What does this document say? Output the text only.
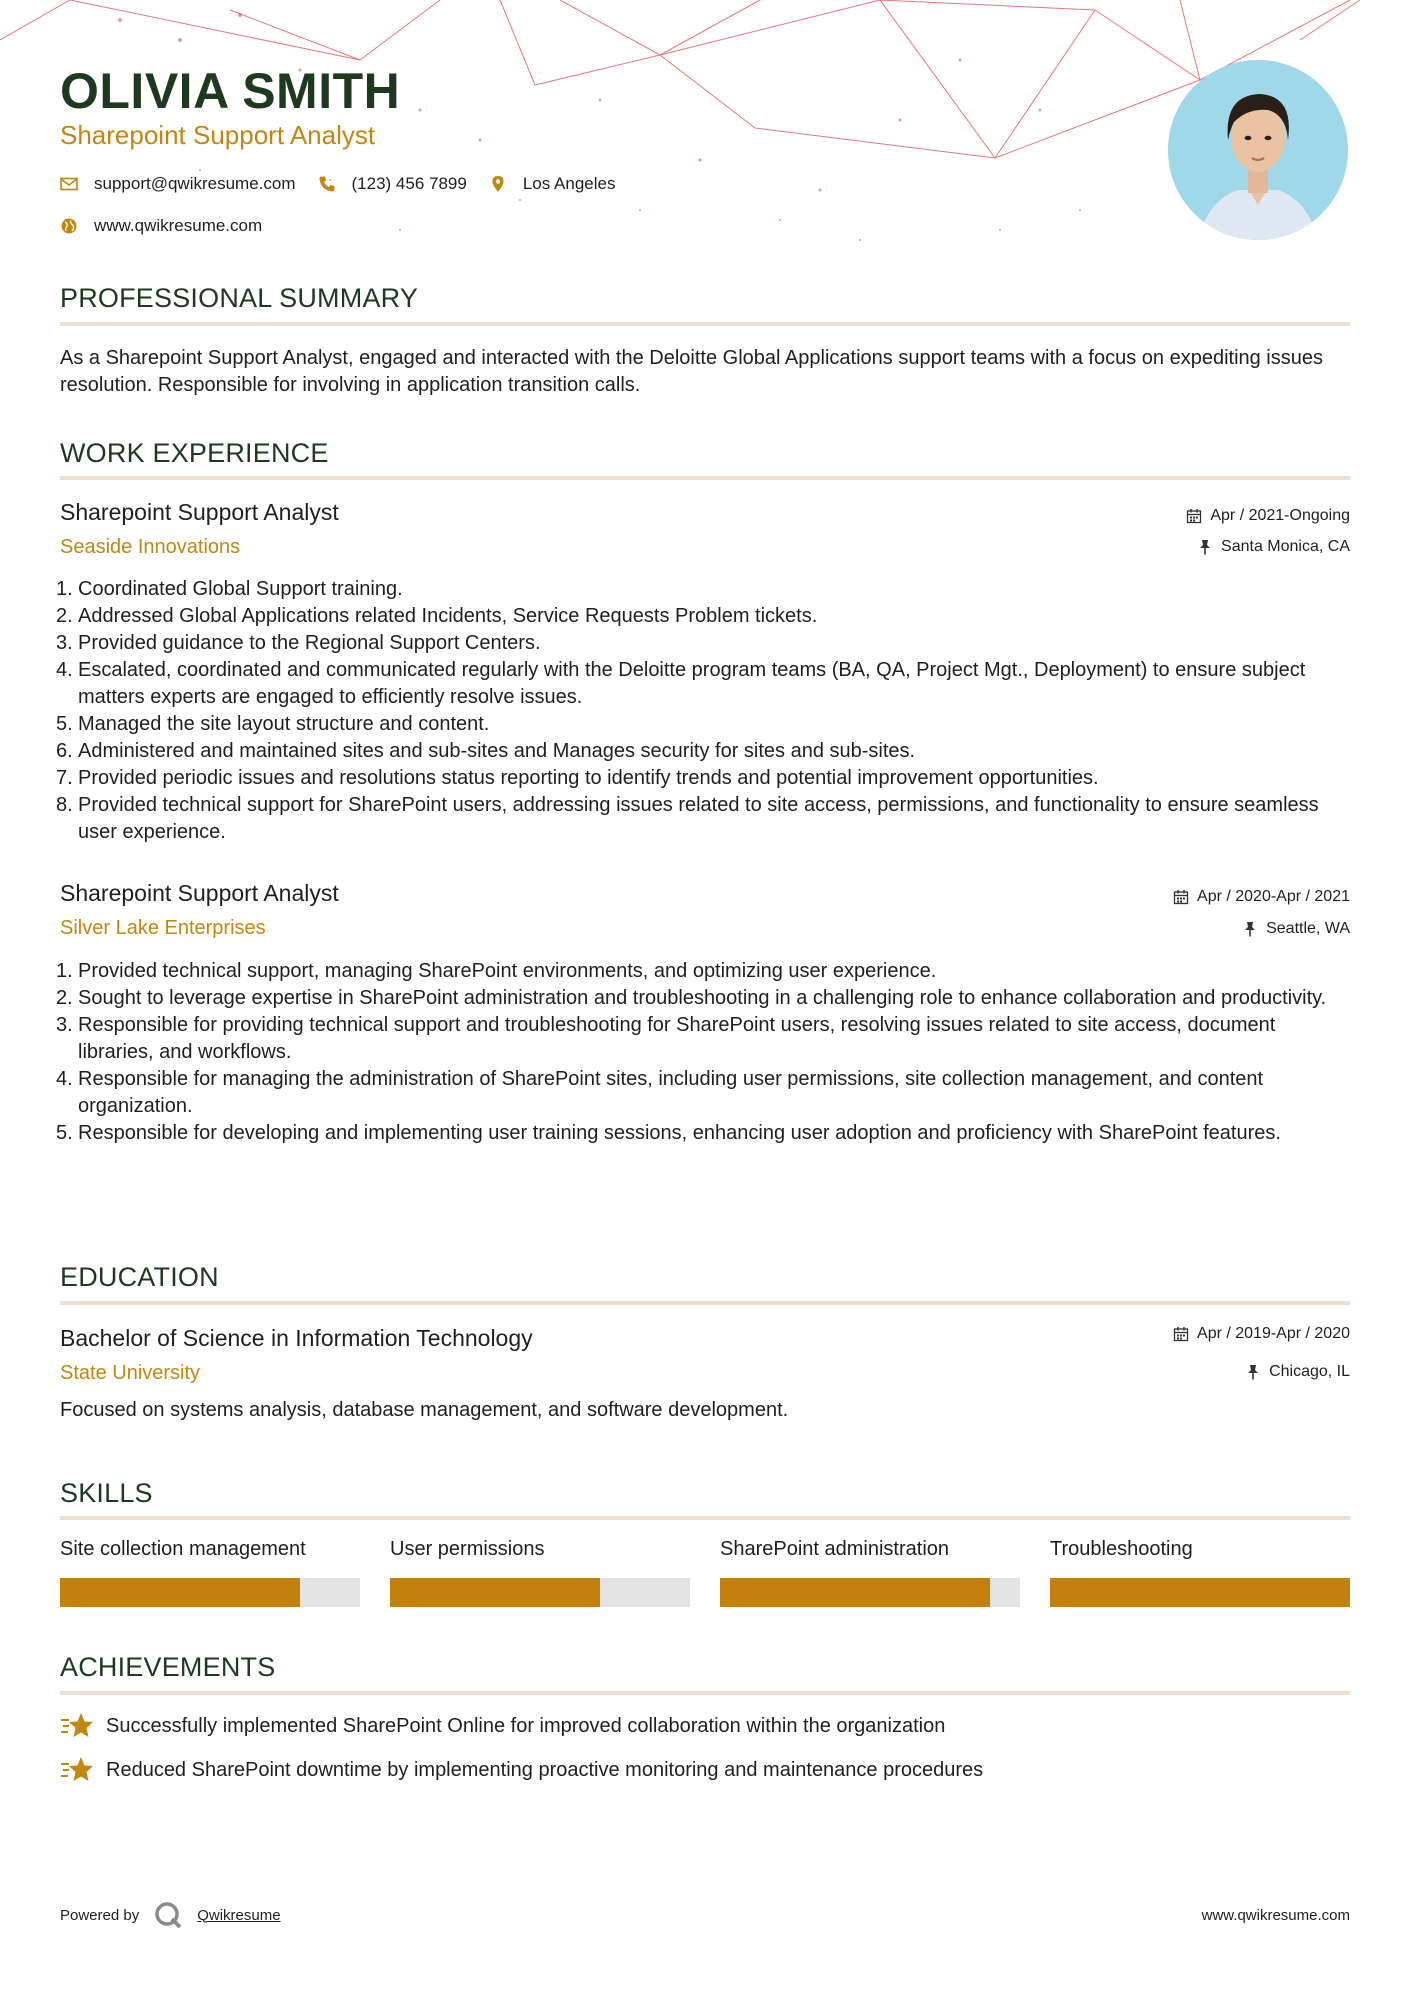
OLIVIA SMITH
Sharepoint Support Analyst
support@qwikresume.com	(123) 456 7899	Los Angeles
www.qwikresume.com
PROFESSIONAL SUMMARY
As a Sharepoint Support Analyst, engaged and interacted with the Deloitte Global Applications support teams with a focus on expediting issues resolution. Responsible for involving in application transition calls.
WORK EXPERIENCE
Sharepoint Support Analyst
Seaside Innovations
Apr / 2021-Ongoing
Santa Monica, CA
1. Coordinated Global Support training.
2. Addressed Global Applications related Incidents, Service Requests Problem tickets.
3. Provided guidance to the Regional Support Centers.
4. Escalated, coordinated and communicated regularly with the Deloitte program teams (BA, QA, Project Mgt., Deployment) to ensure subject matters experts are engaged to efficiently resolve issues.
5. Managed the site layout structure and content.
6. Administered and maintained sites and sub-sites and Manages security for sites and sub-sites.
7. Provided periodic issues and resolutions status reporting to identify trends and potential improvement opportunities.
8. Provided technical support for SharePoint users, addressing issues related to site access, permissions, and functionality to ensure seamless user experience.
Sharepoint Support Analyst
Silver Lake Enterprises
Apr / 2020-Apr / 2021
Seattle, WA
1. Provided technical support, managing SharePoint environments, and optimizing user experience.
2. Sought to leverage expertise in SharePoint administration and troubleshooting in a challenging role to enhance collaboration and productivity.
3. Responsible for providing technical support and troubleshooting for SharePoint users, resolving issues related to site access, document libraries, and workflows.
4. Responsible for managing the administration of SharePoint sites, including user permissions, site collection management, and content organization.
5. Responsible for developing and implementing user training sessions, enhancing user adoption and proficiency with SharePoint features.
EDUCATION
Bachelor of Science in Information Technology
State University
Apr / 2019-Apr / 2020
Chicago, IL
Focused on systems analysis, database management, and software development.
SKILLS
Site collection management	User permissions	SharePoint administration	Troubleshooting
ACHIEVEMENTS
Successfully implemented SharePoint Online for improved collaboration within the organization
Reduced SharePoint downtime by implementing proactive monitoring and maintenance procedures
Powered by	Qwikresume	www.qwikresume.com
